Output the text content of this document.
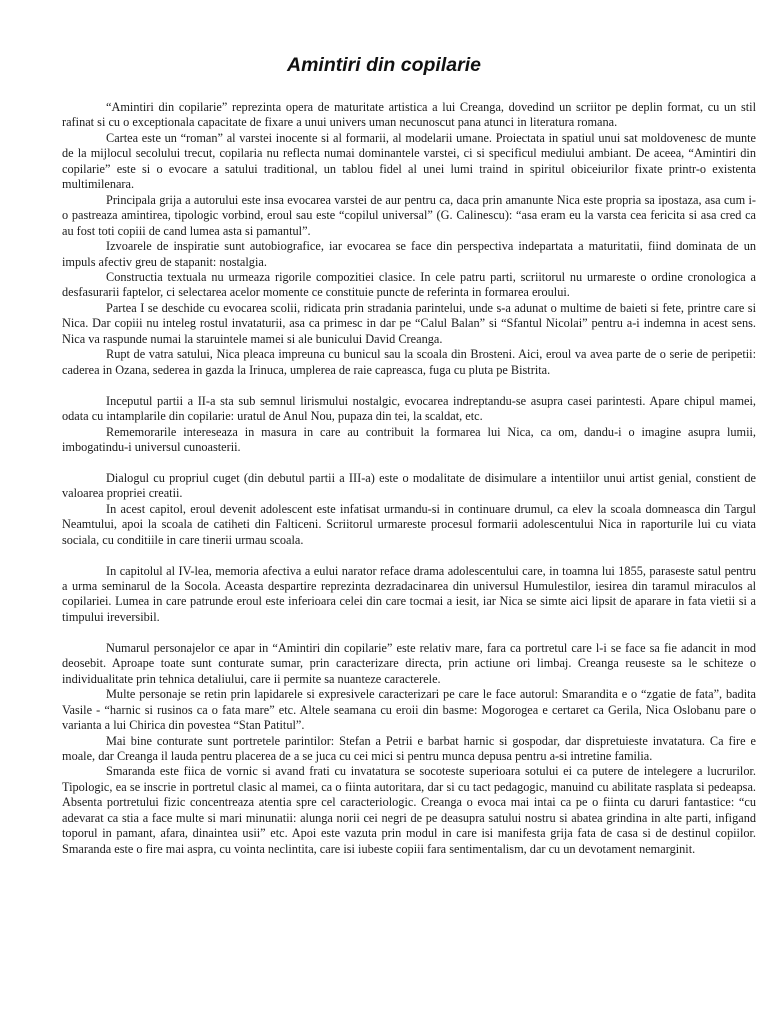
Amintiri din copilarie

“Amintiri din copilarie” reprezinta opera de maturitate artistica a lui Creanga, dovedind un scriitor pe deplin format, cu un stil rafinat si cu o exceptionala capacitate de fixare a unui univers uman necunoscut pana atunci in literatura romana.

Cartea este un “roman” al varstei inocente si al formarii, al modelarii umane. Proiectata in spatiul unui sat moldovenesc de munte de la mijlocul secolului trecut, copilaria nu reflecta numai dominantele varstei, ci si specificul mediului ambiant. De aceea, “Amintiri din copilarie” este si o evocare a satului traditional, un tablou fidel al unei lumi traind in spiritul obiceiurilor fixate printr-o existenta multimilenara.

Principala grija a autorului este insa evocarea varstei de aur pentru ca, daca prin amanunte Nica este propria sa ipostaza, asa cum i-o pastreaza amintirea, tipologic vorbind, eroul sau este “copilul universal” (G. Calinescu): “asa eram eu la varsta cea fericita si asa cred ca au fost toti copiii de cand lumea asta si pamantul”.

Izvoarele de inspiratie sunt autobiografice, iar evocarea se face din perspectiva indepartata a maturitatii, fiind dominata de un impuls afectiv greu de stapanit: nostalgia.

Constructia textuala nu urmeaza rigorile compozitiei clasice. In cele patru parti, scriitorul nu urmareste o ordine cronologica a desfasurarii faptelor, ci selectarea acelor momente ce constituie puncte de referinta in formarea eroului.

Partea I se deschide cu evocarea scolii, ridicata prin stradania parintelui, unde s-a adunat o multime de baieti si fete, printre care si Nica. Dar copiii nu inteleg rostul invataturii, asa ca primesc in dar pe “Calul Balan” si “Sfantul Nicolai” pentru a-i indemna in acest sens. Nica va raspunde numai la staruintele mamei si ale bunicului David Creanga.

Rupt de vatra satului, Nica pleaca impreuna cu bunicul sau la scoala din Brosteni. Aici, eroul va avea parte de o serie de peripetii: caderea in Ozana, sederea in gazda la Irinuca, umplerea de raie capreasca, fuga cu pluta pe Bistrita.

Inceputul partii a II-a sta sub semnul lirismului nostalgic, evocarea indreptandu-se asupra casei parintesti. Apare chipul mamei, odata cu intamplarile din copilarie: uratul de Anul Nou, pupaza din tei, la scaldat, etc.

Rememorarile intereseaza in masura in care au contribuit la formarea lui Nica, ca om, dandu-i o imagine asupra lumii, imbogatindu-i universul cunoasterii.

Dialogul cu propriul cuget (din debutul partii a III-a) este o modalitate de disimulare a intentiilor unui artist genial, constient de valoarea propriei creatii.

In acest capitol, eroul devenit adolescent este infatisat urmandu-si in continuare drumul, ca elev la scoala domneasca din Targul Neamtului, apoi la scoala de catiheti din Falticeni. Scriitorul urmareste procesul formarii adolescentului Nica in raporturile lui cu viata sociala, cu conditiile in care tinerii urmau scoala.

In capitolul al IV-lea, memoria afectiva a eului narator reface drama adolescentului care, in toamna lui 1855, paraseste satul pentru a urma seminarul de la Socola. Aceasta despartire reprezinta dezradacinarea din universul Humulestilor, iesirea din taramul miraculos al copilariei. Lumea in care patrunde eroul este inferioara celei din care tocmai a iesit, iar Nica se simte aici lipsit de aparare in fata vietii si a timpului ireversibil.

Numarul personajelor ce apar in “Amintiri din copilarie” este relativ mare, fara ca portretul care l-i se face sa fie adancit in mod deosebit. Aproape toate sunt conturate sumar, prin caracterizare directa, prin actiune ori limbaj. Creanga reuseste sa le schiteze o individualitate prin tehnica detaliului, care ii permite sa nuanteze caracterele.

Multe personaje se retin prin lapidarele si expresivele caracterizari pe care le face autorul: Smarandita e o “zgatie de fata”, badita Vasile - “harnic si rusinos ca o fata mare” etc. Altele seamana cu eroii din basme: Mogorogea e certaret ca Gerila, Nica Oslobanu pare o varianta a lui Chirica din povestea “Stan Patitul”.

Mai bine conturate sunt portretele parintilor: Stefan a Petrii e barbat harnic si gospodar, dar dispretuieste invatatura. Ca fire e moale, dar Creanga il lauda pentru placerea de a se juca cu cei mici si pentru munca depusa pentru a-si intretine familia.

Smaranda este fiica de vornic si avand frati cu invatatura se socoteste superioara sotului ei ca putere de intelegere a lucrurilor. Tipologic, ea se inscrie in portretul clasic al mamei, ca o fiinta autoritara, dar si cu tact pedagogic, manuind cu abilitate rasplata si pedeapsa. Absenta portretului fizic concentreaza atentia spre cel caracteriologic. Creanga o evoca mai intai ca pe o fiinta cu daruri fantastice: “cu adevarat ca stia a face multe si mari minunatii: alunga norii cei negri de pe deasupra satului nostru si abatea grindina in alte parti, infigand toporul in pamant, afara, dinaintea usii” etc. Apoi este vazuta prin modul in care isi manifesta grija fata de casa si de destinul copiilor. Smaranda este o fire mai aspra, cu vointa neclintita, care isi iubeste copiii fara sentimentalism, dar cu un devotament nemarginit.
